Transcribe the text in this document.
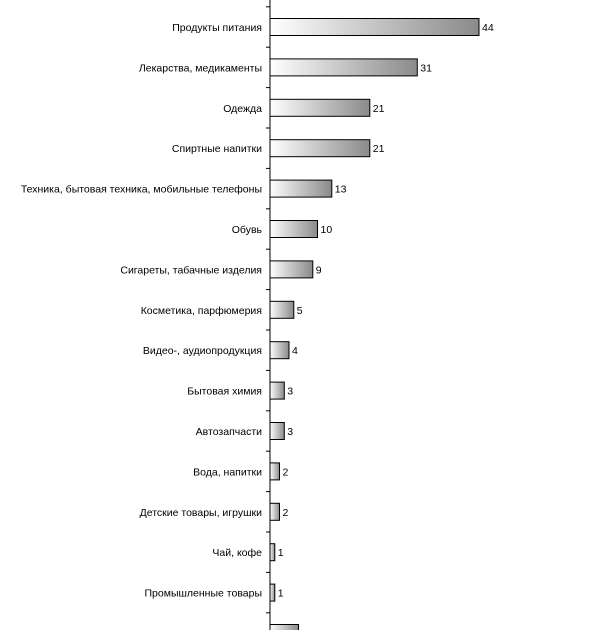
Продукты питания
Лекарства, медикаменты
Одежда
Спиртные напитки
Техника, бытовая техника, мобильные телефоны
Обувь
Сигареты, табачные изделия
Косметика, парфюмерия
Видео-, аудиопродукция
Бытовая химия
Автозапчасти
Вода, напитки
Детские товары, игрушки
Чай, кофе
Промышленные товары
44
31
21
21
13
10
9
5
4
3
3
2
2
1
1
